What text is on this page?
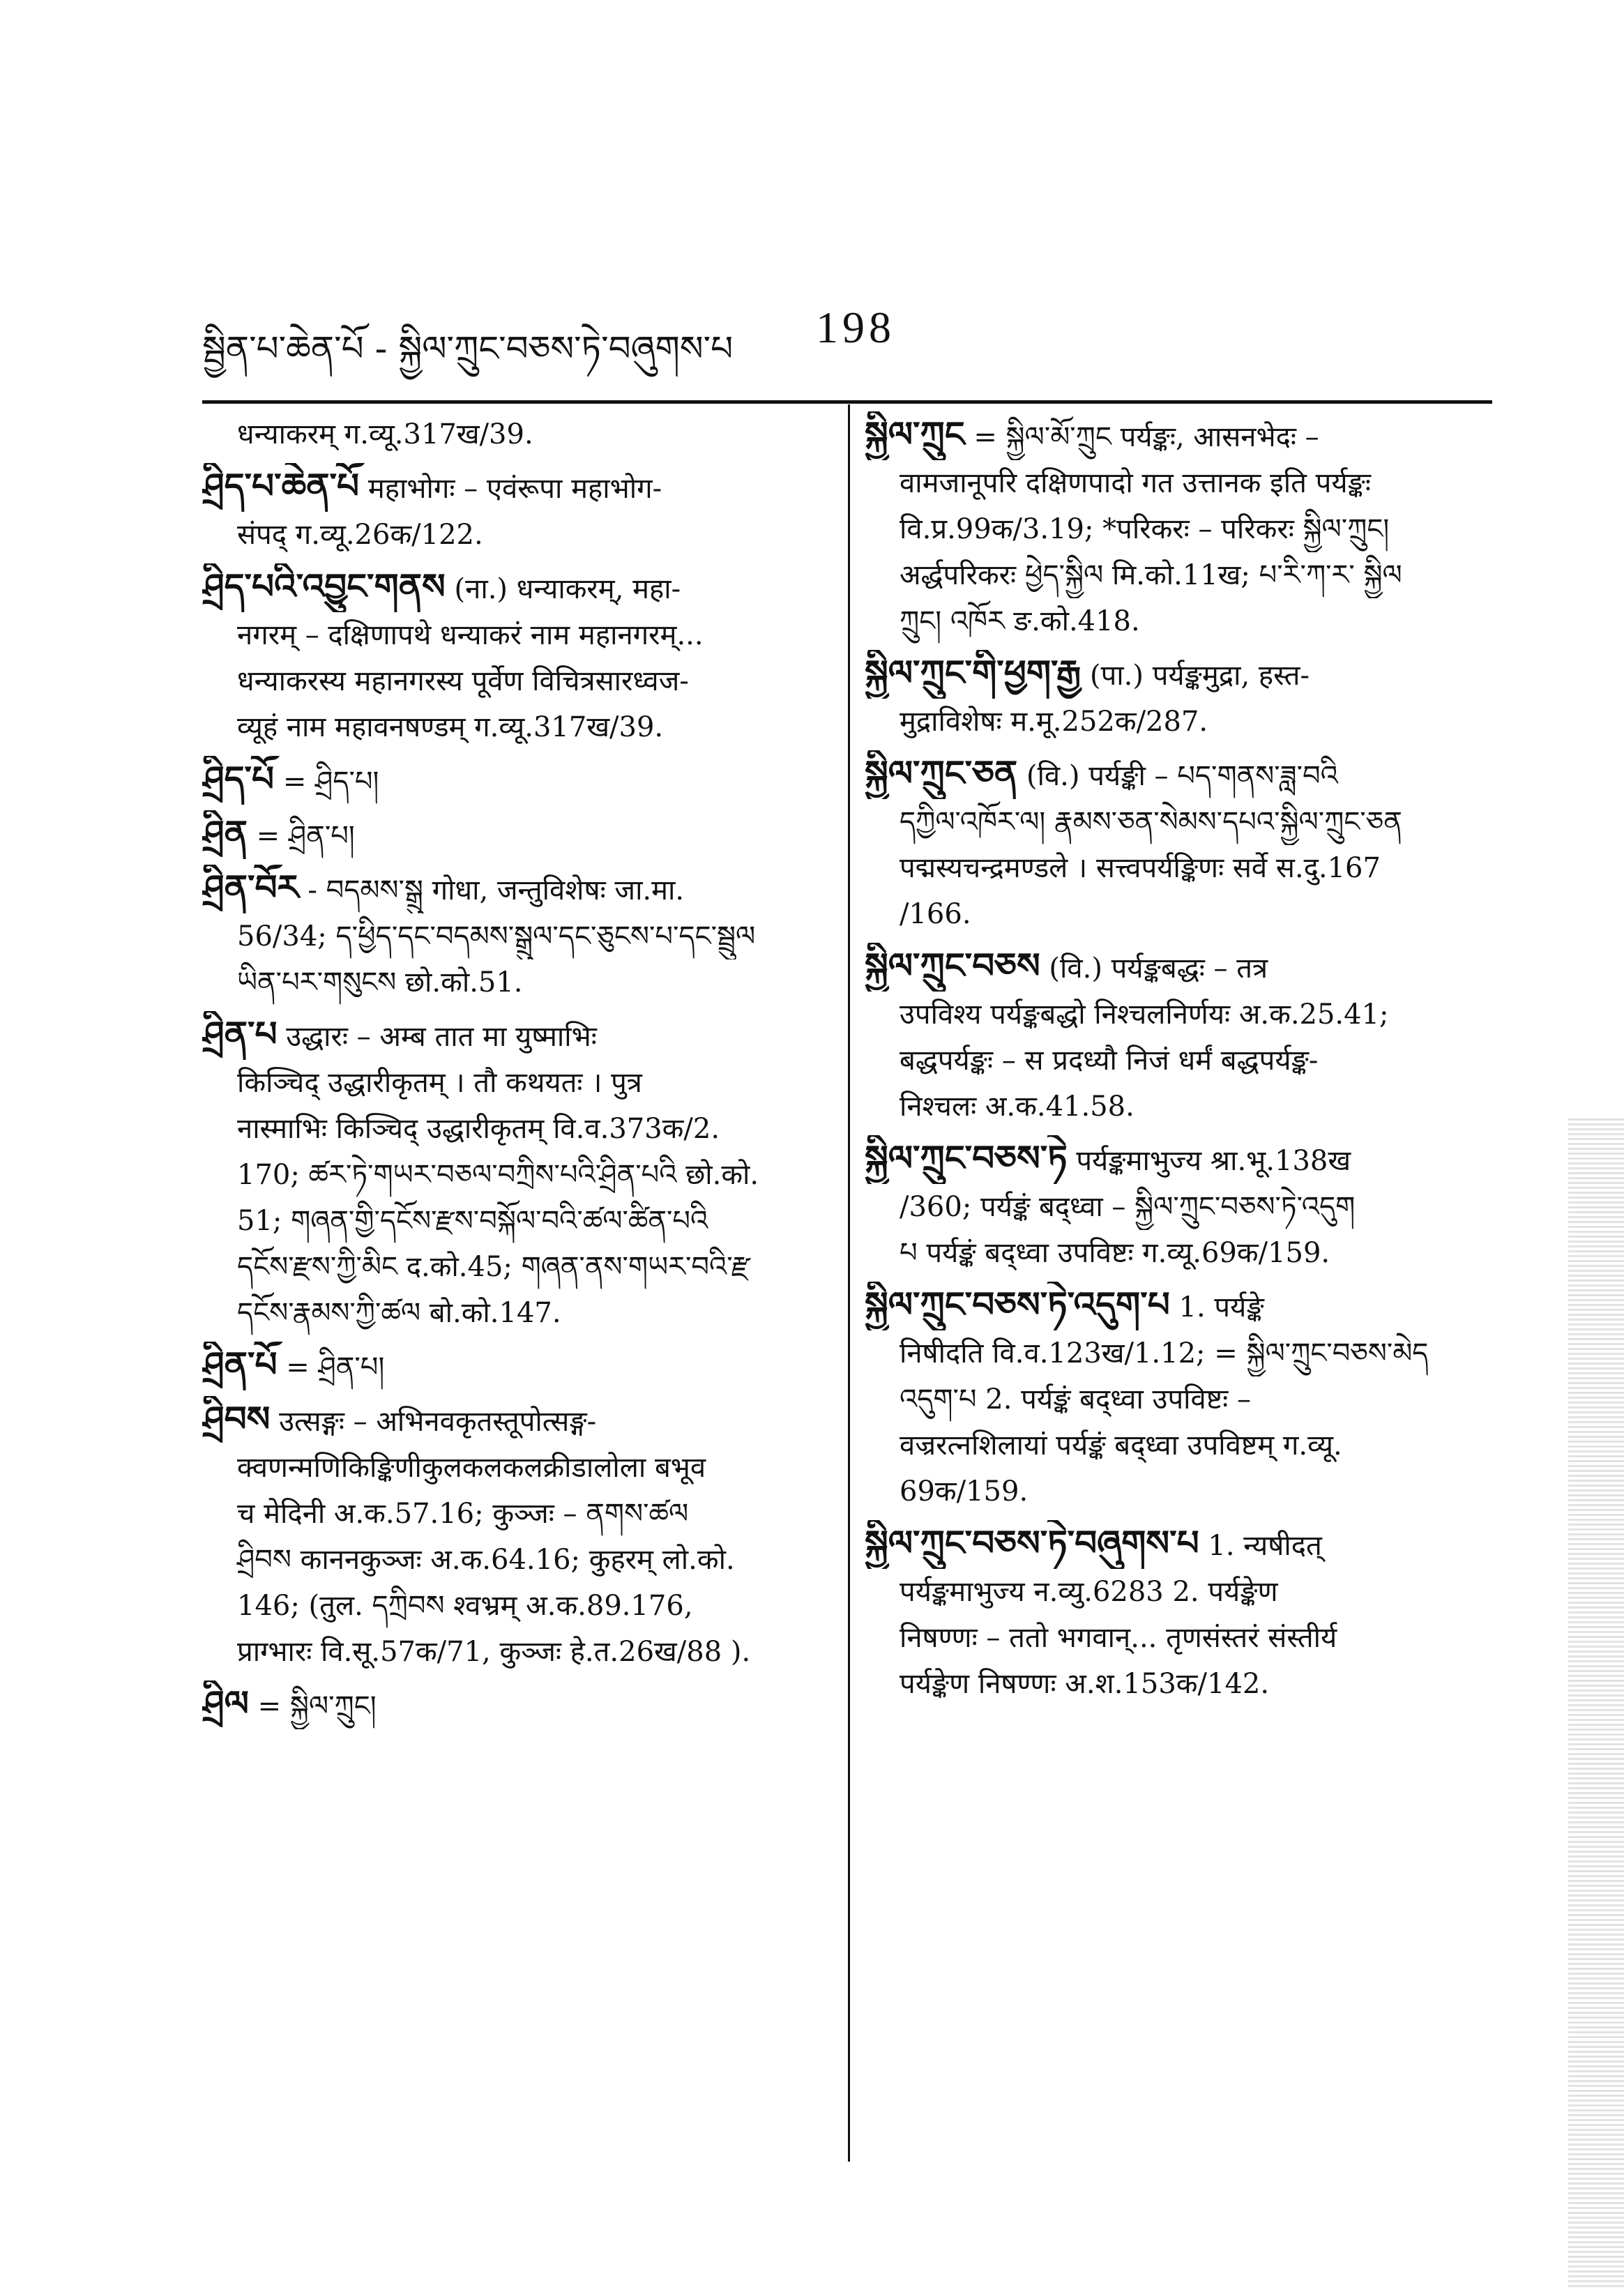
སྦྱིན་པ་ཆེན་པོ - སྐྱིལ་ཀྲུང་བཅས་ཏེ་བཞུགས་པ 198
धन्याकरम् ग.व्यू.317ख/39.
ཤྲིད་པ་ཆེན་པོ महाभोगः – एवंरूपा महाभोग-
संपद् ग.व्यू.26क/122.
ཤྲིད་པའི་འབྱུང་གནས (ना.) धन्याकरम्, महा-
नगरम् – दक्षिणापथे धन्याकरं नाम महानगरम्...
धन्याकरस्य महानगरस्य पूर्वेण विचित्रसारध्वज-
व्यूहं नाम महावनषण्डम् ग.व्यू.317ख/39.
ཤྲིད་པོ = ཤྲིད་པ།
ཤྲིན = ཤྲིན་པ།
ཤྲིན་བོར - བདམས་སྒྲུ गोधा, जन्तुविशेषः जा.मा.
56/34; ད་ཕྱིད་དང་བདམས་སྒྲུལ་དང་ཅུངས་པ་དང་སྦྲུལ
ཡིན་པར་གསུངས छो.को.51.
ཤྲིན་པ उद्धारः – अम्ब तात मा युष्माभिः
किञ्चिद् उद्धारीकृतम् । तौ कथयतः । पुत्र
नास्माभिः किञ्चिद् उद्धारीकृतम् वि.व.373क/2.
170; ཚར་ཏེ་གཡར་བཅལ་བཀྲིས་པའི་ཤྲིན་པའི छो.को.
51; གཞན་གྱི་དངོས་རྫས་བསྐོལ་བའི་ཚལ་ཚིན་པའི
དངོས་རྫས་ཀྱི་མིང द.को.45; གཞན་ནས་གཡར་བའི་རྫ
དངོས་རྣམས་ཀྱི་ཚལ बो.को.147.
ཤྲིན་པོ = ཤྲིན་པ།
ཤྲིབས उत्सङ्गः – अभिनवकृतस्तूपोत्सङ्ग-
क्वणन्मणिकिङ्किणीकुलकलकलक्रीडालोला बभूव
च मेदिनी अ.क.57.16; कुञ्जः – ནགས་ཚལ
ཤྲིབས काननकुञ्जः अ.क.64.16; कुहरम् लो.को.
146; (तुल. དཀྲིབས श्वभ्रम् अ.क.89.176,
प्राग्भारः वि.सू.57क/71, कुञ्जः हे.त.26ख/88 ).
ཤྲིལ = སྐྱིལ་ཀྲུང།
སྐྱིལ་ཀྲུང = སྐྱིལ་མོ་ཀྲུང पर्यङ्कः, आसनभेदः –
वामजानूपरि दक्षिणपादो गत उत्तानक इति पर्यङ्कः
वि.प्र.99क/3.19; *परिकरः – परिकरः སྐྱིལ་ཀྲུང།
अर्द्धपरिकरः ཕྱེད་སྐྱིལ मि.को.11ख; པ་རི་ཀ་ར་ སྐྱིལ
ཀྲུང། འཁོར ङ.को.418.
སྐྱིལ་ཀྲུང་གི་ཕྱག་རྒྱ (पा.) पर्यङ्कमुद्रा, हस्त-
मुद्राविशेषः म.मू.252क/287.
སྐྱིལ་ཀྲུང་ཅན (वि.) पर्यङ्की – པད་གནས་ཟླ་བའི
དཀྱིལ་འཁོར་ལ། རྣམས་ཅན་སེམས་དཔའ་སྐྱིལ་ཀྲུང་ཅན
पद्मस्यचन्द्रमण्डले । सत्त्वपर्यङ्किणः सर्वे स.दु.167
/166.
སྐྱིལ་ཀྲུང་བཅས (वि.) पर्यङ्कबद्धः – तत्र
उपविश्य पर्यङ्कबद्धो निश्चलनिर्णयः अ.क.25.41;
बद्धपर्यङ्कः – स प्रदध्यौ निजं धर्मं बद्धपर्यङ्क-
निश्चलः अ.क.41.58.
སྐྱིལ་ཀྲུང་བཅས་ཏེ पर्यङ्कमाभुज्य श्रा.भू.138ख
/360; पर्यङ्कं बद्ध्वा – སྐྱིལ་ཀྲུང་བཅས་ཏེ་འདུག
པ पर्यङ्कं बद्ध्वा उपविष्टः ग.व्यू.69क/159.
སྐྱིལ་ཀྲུང་བཅས་ཏེ་འདུག་པ 1. पर्यङ्के
निषीदति वि.व.123ख/1.12; = སྐྱིལ་ཀྲུང་བཅས་མེད
འདུག་པ 2. पर्यङ्कं बद्ध्वा उपविष्टः –
वज्ररत्नशिलायां पर्यङ्कं बद्ध्वा उपविष्टम् ग.व्यू.
69क/159.
སྐྱིལ་ཀྲུང་བཅས་ཏེ་བཞུགས་པ 1. न्यषीदत्
पर्यङ्कमाभुज्य न.व्यु.6283 2. पर्यङ्केण
निषण्णः – ततो भगवान्... तृणसंस्तरं संस्तीर्य
पर्यङ्केण निषण्णः अ.श.153क/142.
